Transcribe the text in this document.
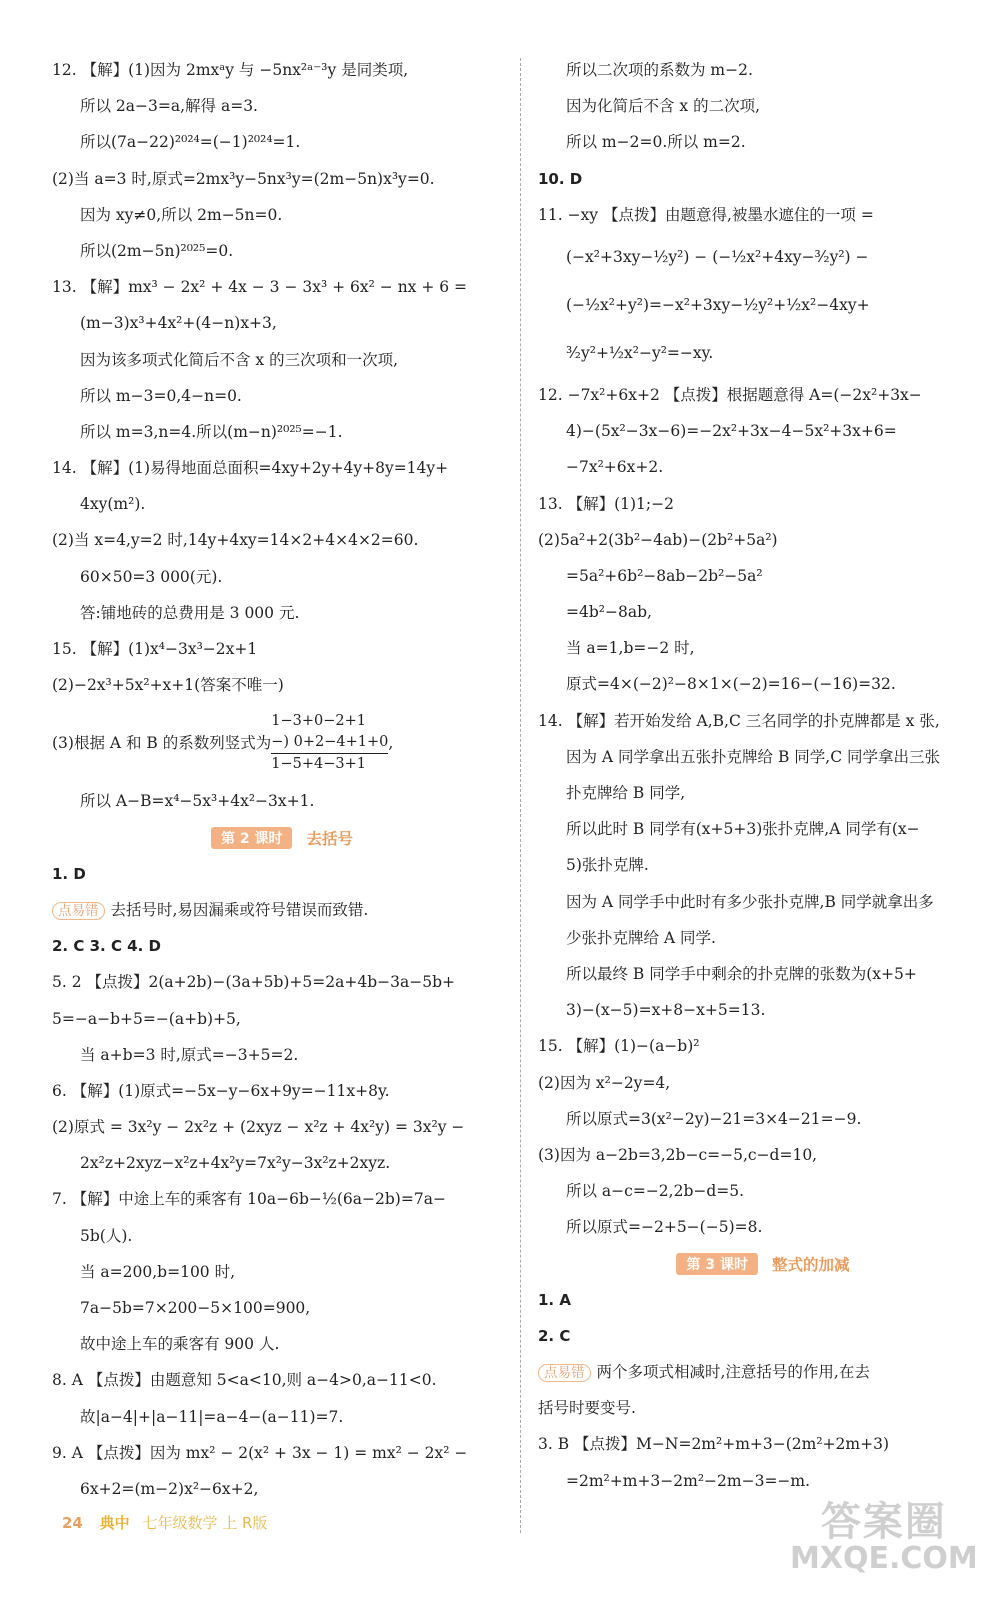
12. 【解】(1)因为 2mxᵃy 与 −5nx²ᵃ⁻³y 是同类项,
所以 2a−3=a,解得 a=3.
所以(7a−22)²⁰²⁴=(−1)²⁰²⁴=1.
(2)当 a=3 时,原式=2mx³y−5nx³y=(2m−5n)x³y=0.
因为 xy≠0,所以 2m−5n=0.
所以(2m−5n)²⁰²⁵=0.
13. 【解】mx³ − 2x² + 4x − 3 − 3x³ + 6x² − nx + 6 =
(m−3)x³+4x²+(4−n)x+3,
因为该多项式化简后不含 x 的三次项和一次项,
所以 m−3=0,4−n=0.
所以 m=3,n=4.所以(m−n)²⁰²⁵=−1.
14. 【解】(1)易得地面总面积=4xy+2y+4y+8y=14y+
4xy(m²).
(2)当 x=4,y=2 时,14y+4xy=14×2+4×4×2=60.
60×50=3 000(元).
答:铺地砖的总费用是 3 000 元.
15. 【解】(1)x⁴−3x³−2x+1
(2)−2x³+5x²+x+1(答案不唯一)
(3)根据 A 和 B 的系数列竖式为
1−3+0−2+1
−) 0+2−4+1+0
1−5+4−3+1
,
所以 A−B=x⁴−5x³+4x²−3x+1.
第 2 课时	去括号
1. D
点易错 去括号时,易因漏乘或符号错误而致错.
2. C 3. C 4. D
5. 2 【点拨】2(a+2b)−(3a+5b)+5=2a+4b−3a−5b+
5=−a−b+5=−(a+b)+5,
当 a+b=3 时,原式=−3+5=2.
6. 【解】(1)原式=−5x−y−6x+9y=−11x+8y.
(2)原式 = 3x²y − 2x²z + (2xyz − x²z + 4x²y) = 3x²y −
2x²z+2xyz−x²z+4x²y=7x²y−3x²z+2xyz.
7. 【解】中途上车的乘客有 10a−6b−½(6a−2b)=7a−
5b(人).
当 a=200,b=100 时,
7a−5b=7×200−5×100=900,
故中途上车的乘客有 900 人.
8. A 【点拨】由题意知 5<a<10,则 a−4>0,a−11<0.
故|a−4|+|a−11|=a−4−(a−11)=7.
9. A 【点拨】因为 mx² − 2(x² + 3x − 1) = mx² − 2x² −
6x+2=(m−2)x²−6x+2,
所以二次项的系数为 m−2.
因为化简后不含 x 的二次项,
所以 m−2=0.所以 m=2.
10. D
11. −xy 【点拨】由题意得,被墨水遮住的一项 =
(−x²+3xy−½y²) − (−½x²+4xy−³⁄₂y²) −
(−½x²+y²)=−x²+3xy−½y²+½x²−4xy+
³⁄₂y²+½x²−y²=−xy.
12. −7x²+6x+2 【点拨】根据题意得 A=(−2x²+3x−
4)−(5x²−3x−6)=−2x²+3x−4−5x²+3x+6=
−7x²+6x+2.
13. 【解】(1)1;−2
(2)5a²+2(3b²−4ab)−(2b²+5a²)
=5a²+6b²−8ab−2b²−5a²
=4b²−8ab,
当 a=1,b=−2 时,
原式=4×(−2)²−8×1×(−2)=16−(−16)=32.
14. 【解】若开始发给 A,B,C 三名同学的扑克牌都是 x 张,
因为 A 同学拿出五张扑克牌给 B 同学,C 同学拿出三张
扑克牌给 B 同学,
所以此时 B 同学有(x+5+3)张扑克牌,A 同学有(x−
5)张扑克牌.
因为 A 同学手中此时有多少张扑克牌,B 同学就拿出多
少张扑克牌给 A 同学.
所以最终 B 同学手中剩余的扑克牌的张数为(x+5+
3)−(x−5)=x+8−x+5=13.
15. 【解】(1)−(a−b)²
(2)因为 x²−2y=4,
所以原式=3(x²−2y)−21=3×4−21=−9.
(3)因为 a−2b=3,2b−c=−5,c−d=10,
所以 a−c=−2,2b−d=5.
所以原式=−2+5−(−5)=8.
第 3 课时	整式的加减
1. A
2. C
点易错 两个多项式相减时,注意括号的作用,在去
括号时要变号.
3. B 【点拨】M−N=2m²+m+3−(2m²+2m+3)
=2m²+m+3−2m²−2m−3=−m.
24 典中 七年级数学 上 R版	答案圈
MXQE.COM
